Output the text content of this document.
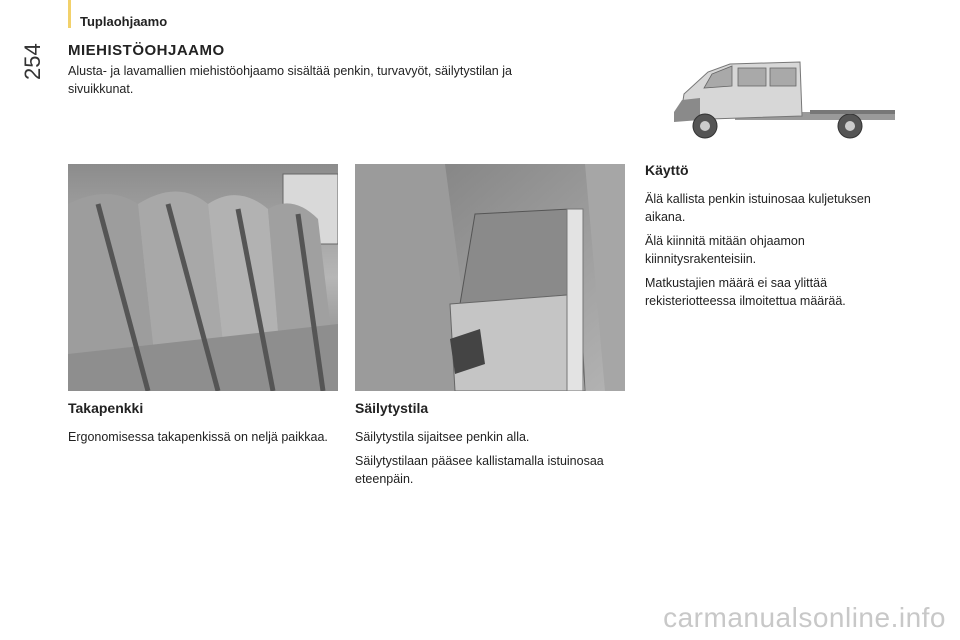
Tuplaohjaamo
254 MIEHISTÖOHJAAMO
Alusta- ja lavamallien miehistöohjaamo sisältää penkin, turvavyöt, säilytystilan ja sivuikkunat.
Takapenkki
Ergonomisessa takapenkissä on neljä paikkaa.
Säilytystila

Säilytystila sijaitsee penkin alla.

Säilytystilaan pääsee kallistamalla istuinosaa eteenpäin.

Käyttö

Älä kallista penkin istuinosaa kuljetuksen aikana.

Älä kiinnitä mitään ohjaamon kiinnitysrakenteisiin.

Matkustajien määrä ei saa ylittää rekisteriotteessa ilmoitettua määrää.

carmanualsonline.info
